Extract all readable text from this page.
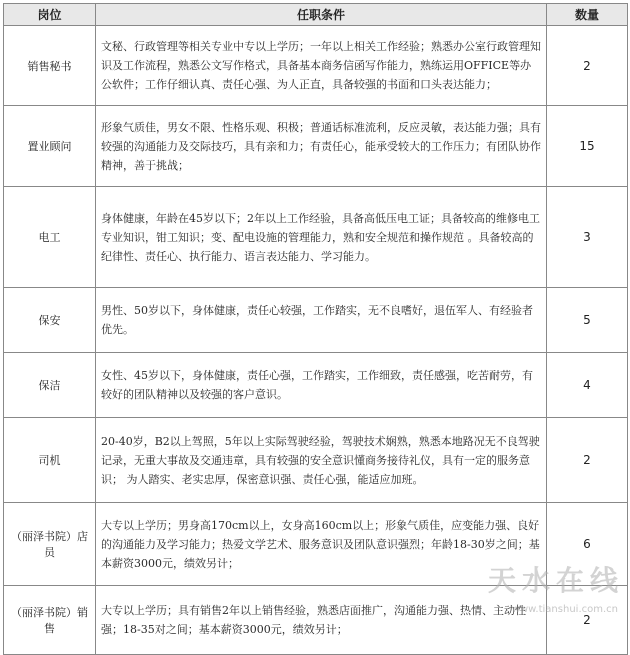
岗位	任职条件	数量
销售秘书	文秘、行政管理等相关专业中专以上学历；一年以上相关工作经验；熟悉办公室行政管理知识及工作流程，熟悉公文写作格式，具备基本商务信函写作能力，熟练运用OFFICE等办公软件；工作仔细认真、责任心强、为人正直，具备较强的书面和口头表达能力；	2
置业顾问	形象气质佳，男女不限、性格乐观、积极；普通话标准流利，反应灵敏，表达能力强；具有较强的沟通能力及交际技巧，具有亲和力；有责任心，能承受较大的工作压力；有团队协作精神，善于挑战；	15
电工	身体健康，年龄在45岁以下；2年以上工作经验，具备高低压电工证；具备较高的维修电工专业知识，钳工知识；变、配电设施的管理能力，熟和安全规范和操作规范 。具备较高的纪律性、责任心、执行能力、语言表达能力、学习能力。	3
保安	男性、50岁以下，身体健康，责任心较强，工作踏实，无不良嗜好，退伍军人、有经验者优先。	5
保洁	女性、45岁以下，身体健康，责任心强，工作踏实，工作细致，责任感强，吃苦耐劳，有较好的团队精神以及较强的客户意识。	4
司机	20-40岁，B2以上驾照，5年以上实际驾驶经验，驾驶技术娴熟，熟悉本地路况无不良驾驶记录，无重大事故及交通违章，具有较强的安全意识懂商务接待礼仪，具有一定的服务意识； 为人踏实、老实忠厚，保密意识强、责任心强，能适应加班。	2
（丽泽书院）店员	大专以上学历；男身高170cm以上，女身高160cm以上；形象气质佳，应变能力强、良好的沟通能力及学习能力；热爱文学艺术、服务意识及团队意识强烈；年龄18-30岁之间；基本薪资3000元，绩效另计；	6
（丽泽书院）销售	大专以上学历；具有销售2年以上销售经验，熟悉店面推广，沟通能力强、热情、主动性强；18-35对之间；基本薪资3000元，绩效另计；	2
天水在线
www.tianshui.com.cn
